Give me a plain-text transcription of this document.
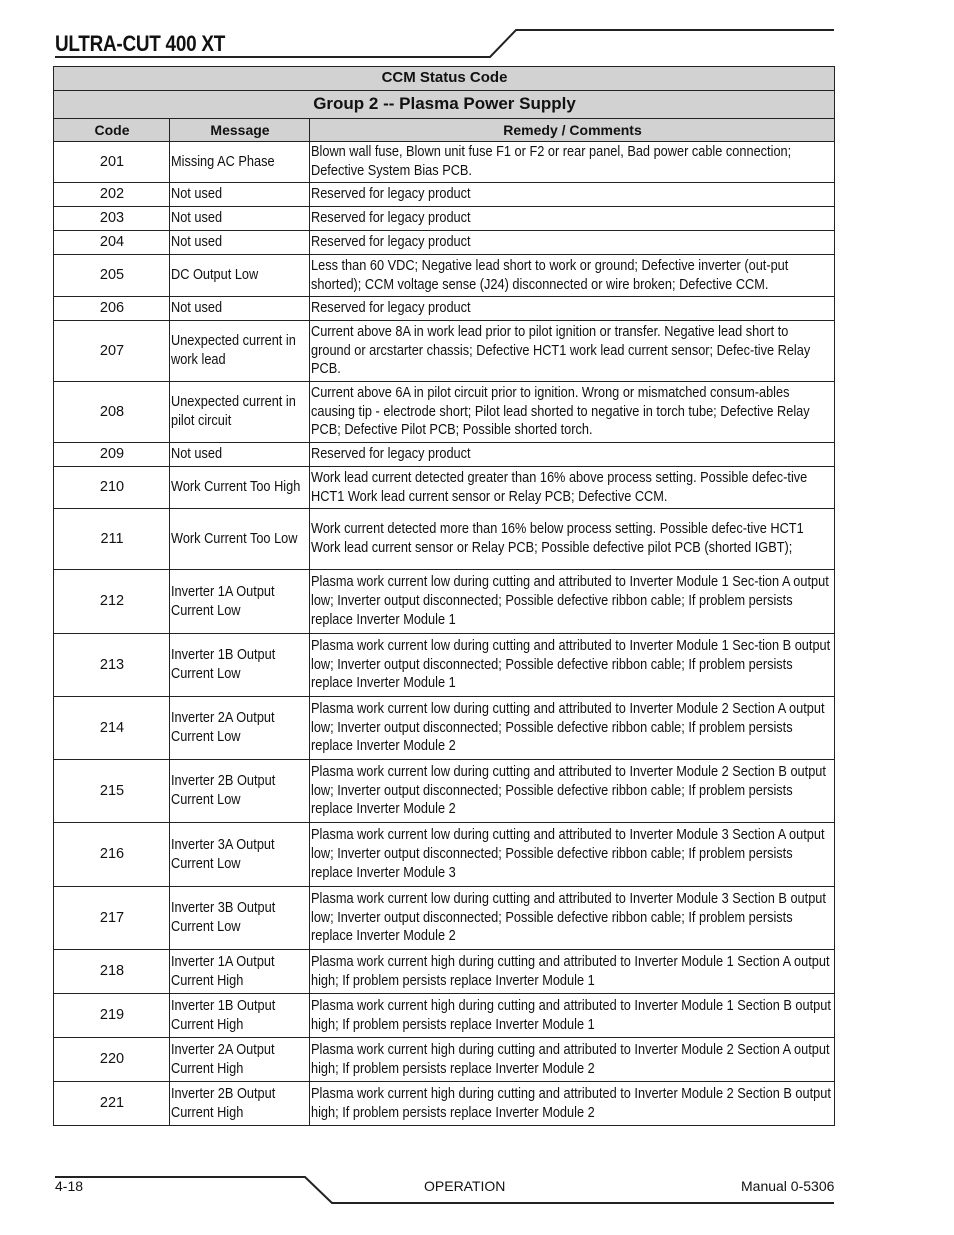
ULTRA-CUT 400 XT
CCM Status Code		
Group 2 -- Plasma Power Supply		
Code	Message	Remedy / Comments
201	Missing AC Phase	Blown wall fuse, Blown unit fuse F1 or F2 or rear panel, Bad power cable connection; Defective System Bias PCB.
202	Not used	Reserved for legacy product
203	Not used	Reserved for legacy product
204	Not used	Reserved for legacy product
205	DC Output Low	Less than 60 VDC; Negative lead short to work or ground; Defective inverter (out-put shorted); CCM voltage sense (J24) disconnected or wire broken; Defective CCM.
206	Not used	Reserved for legacy product
207	Unexpected current in work lead	Current above 8A in work lead prior to pilot ignition or transfer. Negative lead short to ground or arcstarter chassis; Defective HCT1 work lead current sensor; Defec-tive Relay PCB.
208	Unexpected current in pilot circuit	Current above 6A in pilot circuit prior to ignition. Wrong or mismatched consum-ables causing tip - electrode short; Pilot lead shorted to negative in torch tube; Defective Relay PCB; Defective Pilot PCB; Possible shorted torch.
209	Not used	Reserved for legacy product
210	Work Current Too High	Work lead current detected greater than 16% above process setting. Possible defec-tive HCT1 Work lead current sensor or Relay PCB; Defective CCM.
211	Work Current Too Low	Work current detected more than 16% below process setting. Possible defec-tive HCT1 Work lead current sensor or Relay PCB; Possible defective pilot PCB (shorted IGBT);
212	Inverter 1A Output Current Low	Plasma work current low during cutting and attributed to Inverter Module 1 Sec-tion A output low; Inverter output disconnected; Possible defective ribbon cable; If problem persists replace Inverter Module 1
213	Inverter 1B Output Current Low	Plasma work current low during cutting and attributed to Inverter Module 1 Sec-tion B output low; Inverter output disconnected; Possible defective ribbon cable; If problem persists replace Inverter Module 1
214	Inverter 2A Output Current Low	Plasma work current low during cutting and attributed to Inverter Module 2 Section A output low; Inverter output disconnected; Possible defective ribbon cable; If problem persists replace Inverter Module 2
215	Inverter 2B Output Current Low	Plasma work current low during cutting and attributed to Inverter Module 2 Section B output low; Inverter output disconnected; Possible defective ribbon cable; If problem persists replace Inverter Module 2
216	Inverter 3A Output Current Low	Plasma work current low during cutting and attributed to Inverter Module 3 Section A output low; Inverter output disconnected; Possible defective ribbon cable; If problem persists replace Inverter Module 3
217	Inverter 3B Output Current Low	Plasma work current low during cutting and attributed to Inverter Module 3 Section B output low; Inverter output disconnected; Possible defective ribbon cable; If problem persists replace Inverter Module 2
218	Inverter 1A Output Current High	Plasma work current high during cutting and attributed to Inverter Module 1 Section A output high; If problem persists replace Inverter Module 1
219	Inverter 1B Output Current High	Plasma work current high during cutting and attributed to Inverter Module 1 Section B output high; If problem persists replace Inverter Module 1
220	Inverter 2A Output Current High	Plasma work current high during cutting and attributed to Inverter Module 2 Section A output high; If problem persists replace Inverter Module 2
221	Inverter 2B Output Current High	Plasma work current high during cutting and attributed to Inverter Module 2 Section B output high; If problem persists replace Inverter Module 2
4-18	OPERATION	Manual 0-5306
